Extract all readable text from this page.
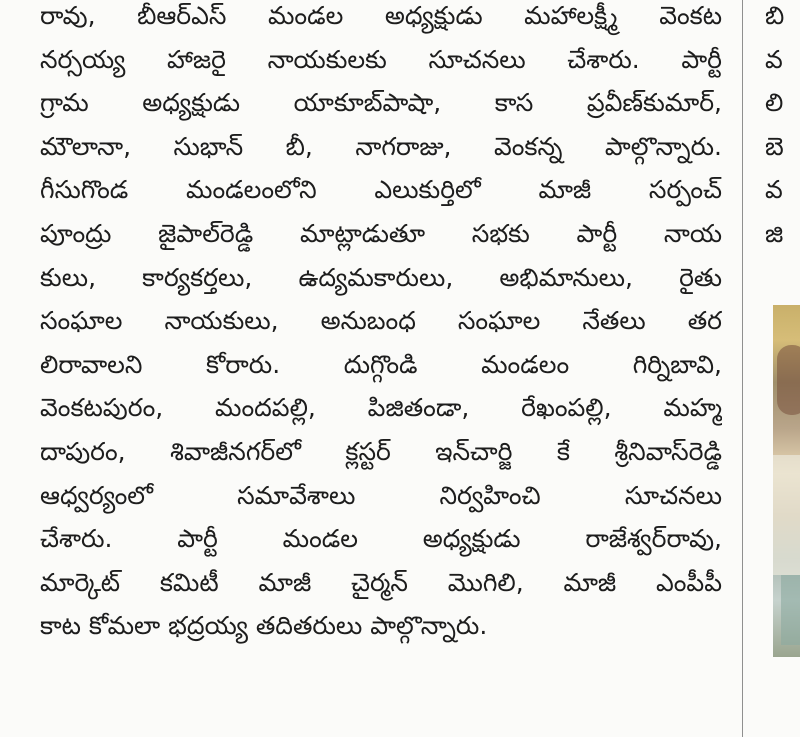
రావు, బీఆర్ఎస్ మండల అధ్యక్షుడు మహాలక్ష్మీ వెంకట
నర్సయ్య హాజరై నాయకులకు సూచనలు చేశారు. పార్టీ
గ్రామ అధ్యక్షుడు యాకూబ్‌పాషా, కాస ప్రవీణ్‌కుమార్,
మౌలానా, సుభాన్ బీ, నాగరాజు, వెంకన్న పాల్గొన్నారు.
గీసుగొండ మండలంలోని ఎలుకుర్తిలో మాజీ సర్పంచ్
పూంద్రు జైపాల్‌రెడ్డి మాట్లాడుతూ సభకు పార్టీ నాయ
కులు, కార్యకర్తలు, ఉద్యమకారులు, అభిమానులు, రైతు
సంఘాల నాయకులు, అనుబంధ సంఘాల నేతలు తర
లిరావాలని కోరారు. దుగ్గొండి మండలం గిర్నిబావి,
వెంకటపురం, మందపల్లి, పిజితండా, రేఖంపల్లి, మహ్మ
దాపురం, శివాజీనగర్‌లో క్లస్టర్ ఇన్‌చార్జి కే శ్రీనివాస్‌రెడ్డి
ఆధ్వర్యంలో సమావేశాలు నిర్వహించి సూచనలు
చేశారు. పార్టీ మండల అధ్యక్షుడు రాజేశ్వర్‌రావు,
మార్కెట్ కమిటీ మాజీ చైర్మన్ మొగిలి, మాజీ ఎంపీపీ
కాట కోమలా భద్రయ్య తదితరులు పాల్గొన్నారు.
బి
వ
లి
బె
వ
జి
